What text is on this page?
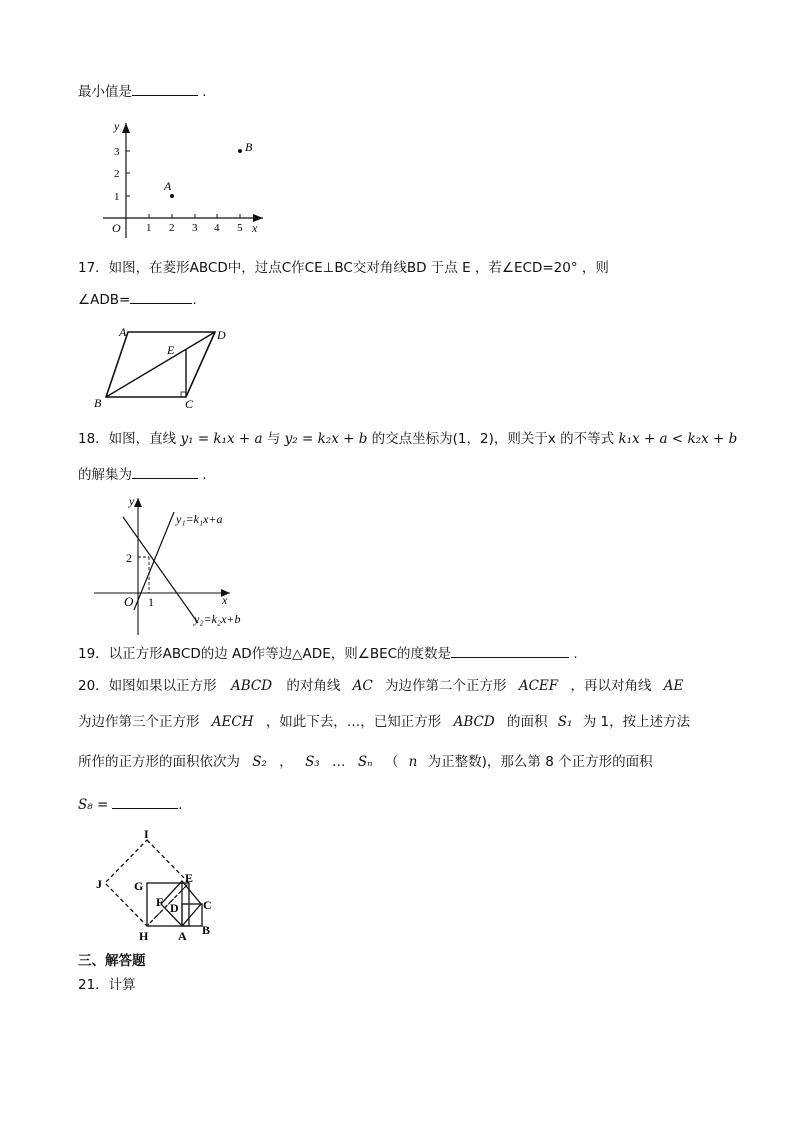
最小值是	.
1 2 3 4 5
1
2
3
O	x
y
A
B
17．如图，在菱形ABCD中，过点C作CE⊥BC交对角线BD 于点 E ，若∠ECD=20° ，则
∠ADB=	.
A	D
E
B	C
18．如图，直线 y₁ = k₁x + a 与 y₂ = k₂x + b 的交点坐标为(1，2)，则关于x 的不等式 k₁x + a < k₂x + b
的解集为	.
2
1
O	x
y
y₁=k₁x+a
y₂=k₂x+b
19．以正方形ABCD的边 AD作等边△ADE，则∠BEC的度数是	.
20．如图如果以正方形 ABCD 的对角线 AC 为边作第二个正方形 ACEF ，再以对角线 AE
为边作第三个正方形 AECH ，如此下去，…，已知正方形 ABCD 的面积 S₁ 为 1，按上述方法
所作的正方形的面积依次为 S₂ ， S₃ … Sₙ （ n 为正整数)，那么第 8 个正方形的面积
S₈ =	.
I
J	G
E
F D C
H A B
三、解答题
21．计算
